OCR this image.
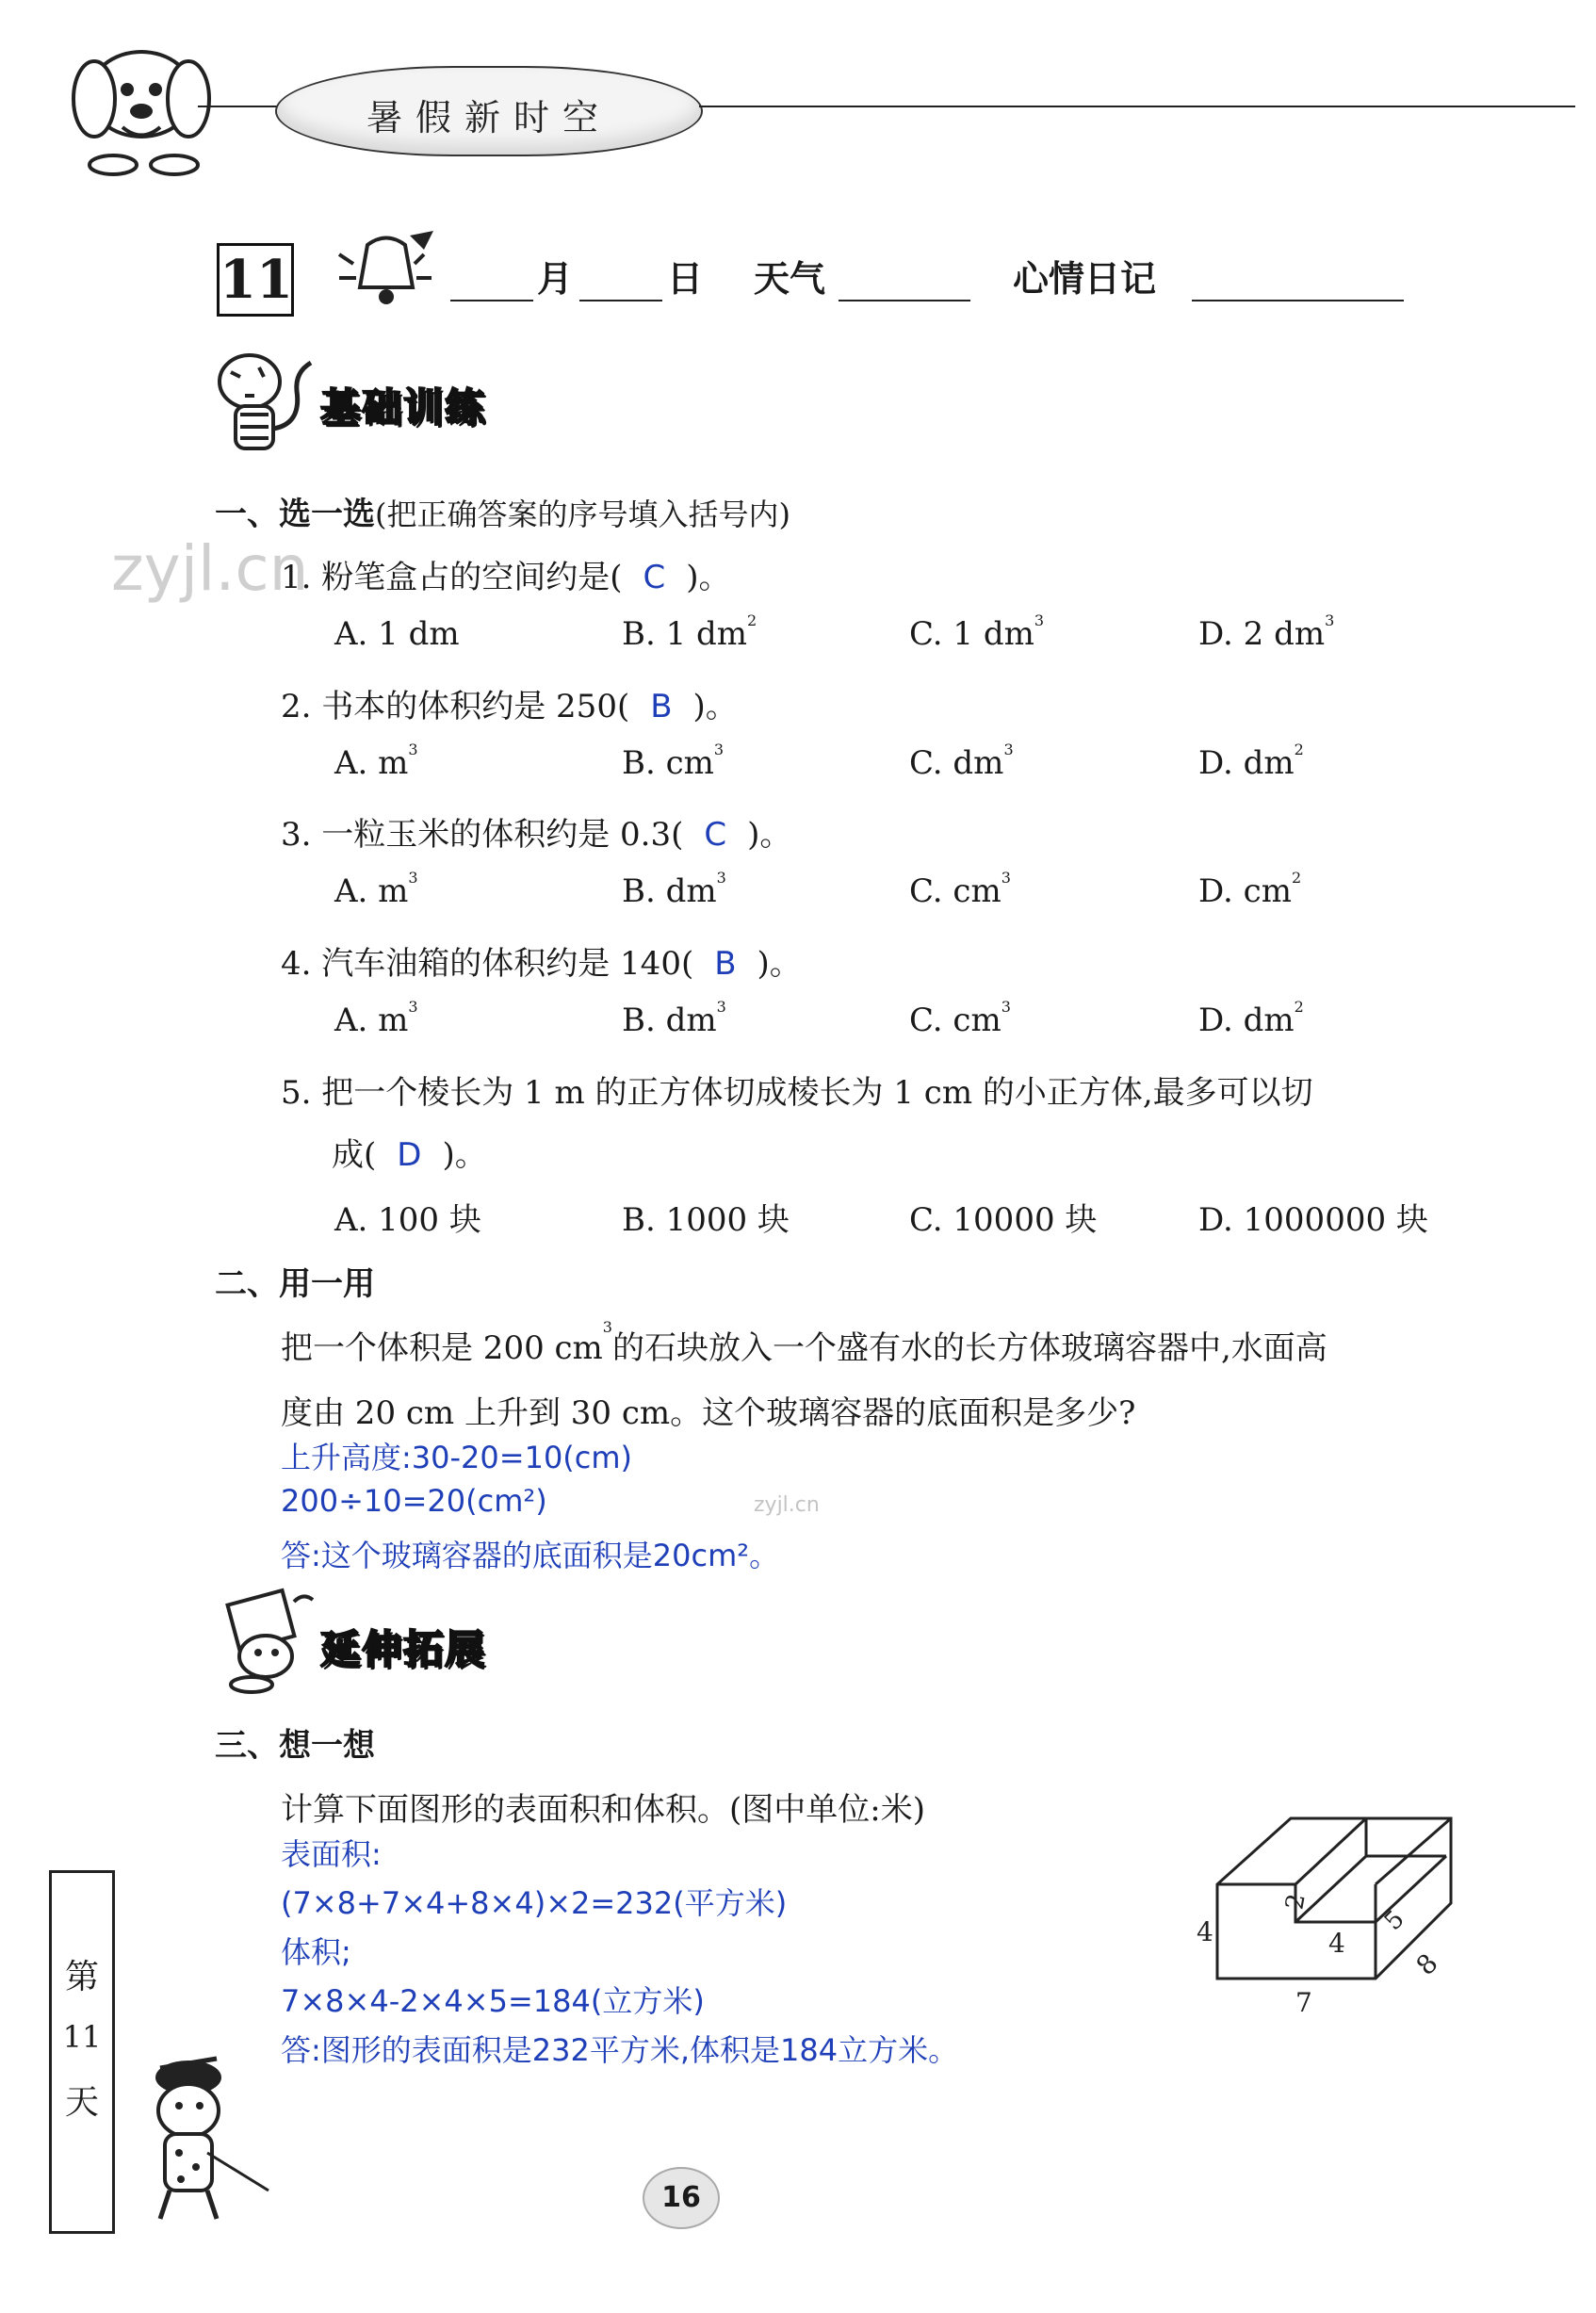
暑假新时空
11	月	日 天气	心情日记
基础训练
zyjl.cn
一、选一选(把正确答案的序号填入括号内)
1. 粉笔盒占的空间约是( C )。
A. 1 dm	B. 1 $dm^2$	C. 1 $dm^3$	D. 2 $dm^3$
2. 书本的体积约是 250( B )。
A. $m^3$	B. $cm^3$	C. $dm^3$	D. $dm^2$
3. 一粒玉米的体积约是 0.3( C )。
A. $m^3$	B. $dm^3$	C. $cm^3$	D. $cm^2$
4. 汽车油箱的体积约是 140( B )。
A. $m^3$	B. $dm^3$	C. $cm^3$	D. $dm^2$
5. 把一个棱长为 1 m 的正方体切成棱长为 1 cm 的小正方体,最多可以切
成( D )。
A. 100 块	B. 1000 块	C. 10000 块	D. 1000000 块
二、用一用
把一个体积是 200 $cm^3$的石块放入一个盛有水的长方体玻璃容器中,水面高
度由 20 cm 上升到 30 cm。这个玻璃容器的底面积是多少?
上升高度:30-20=10(cm)
200÷10=20(cm²)
答:这个玻璃容器的底面积是20cm²。
zyjl.cn
延伸拓展
三、想一想
计算下面图形的表面积和体积。(图中单位:米)
表面积:
(7×8+7×4+8×4)×2=232(平方米)
体积;
7×8×4-2×4×5=184(立方米)
答:图形的表面积是232平方米,体积是184立方米。
4
7
8
2
4
5
第
11
天
16
